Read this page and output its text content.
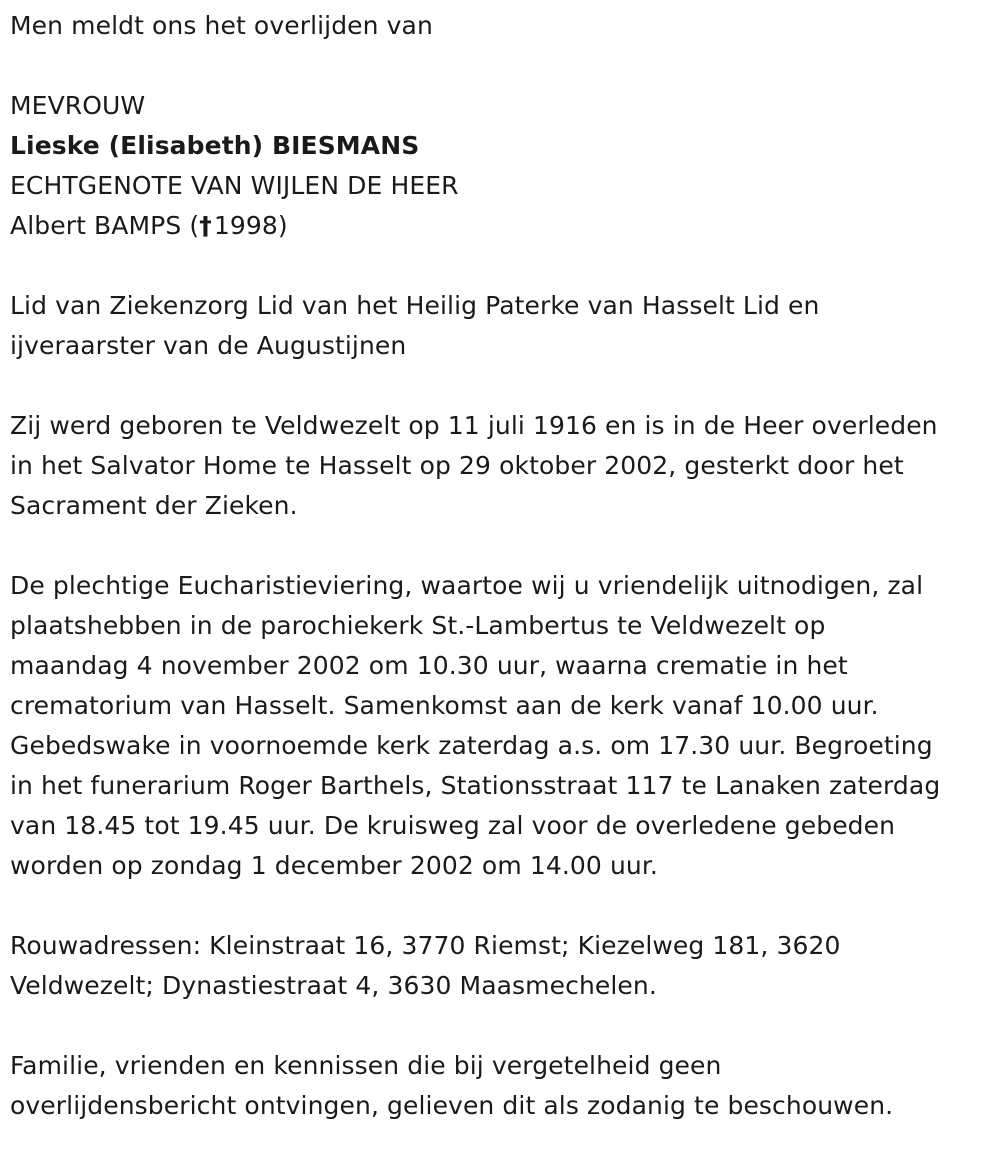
Men meldt ons het overlijden van
MEVROUW
Lieske (Elisabeth) BIESMANS
ECHTGENOTE VAN WIJLEN DE HEER
Albert BAMPS (†1998)
Lid van Ziekenzorg Lid van het Heilig Paterke van Hasselt Lid en
ijveraarster van de Augustijnen
Zij werd geboren te Veldwezelt op 11 juli 1916 en is in de Heer overleden
in het Salvator Home te Hasselt op 29 oktober 2002, gesterkt door het
Sacrament der Zieken.
De plechtige Eucharistieviering, waartoe wij u vriendelijk uitnodigen, zal
plaatshebben in de parochiekerk St.-Lambertus te Veldwezelt op
maandag 4 november 2002 om 10.30 uur, waarna crematie in het
crematorium van Hasselt. Samenkomst aan de kerk vanaf 10.00 uur.
Gebedswake in voornoemde kerk zaterdag a.s. om 17.30 uur. Begroeting
in het funerarium Roger Barthels, Stationsstraat 117 te Lanaken zaterdag
van 18.45 tot 19.45 uur. De kruisweg zal voor de overledene gebeden
worden op zondag 1 december 2002 om 14.00 uur.
Rouwadressen: Kleinstraat 16, 3770 Riemst; Kiezelweg 181, 3620
Veldwezelt; Dynastiestraat 4, 3630 Maasmechelen.
Familie, vrienden en kennissen die bij vergetelheid geen
overlijdensbericht ontvingen, gelieven dit als zodanig te beschouwen.
